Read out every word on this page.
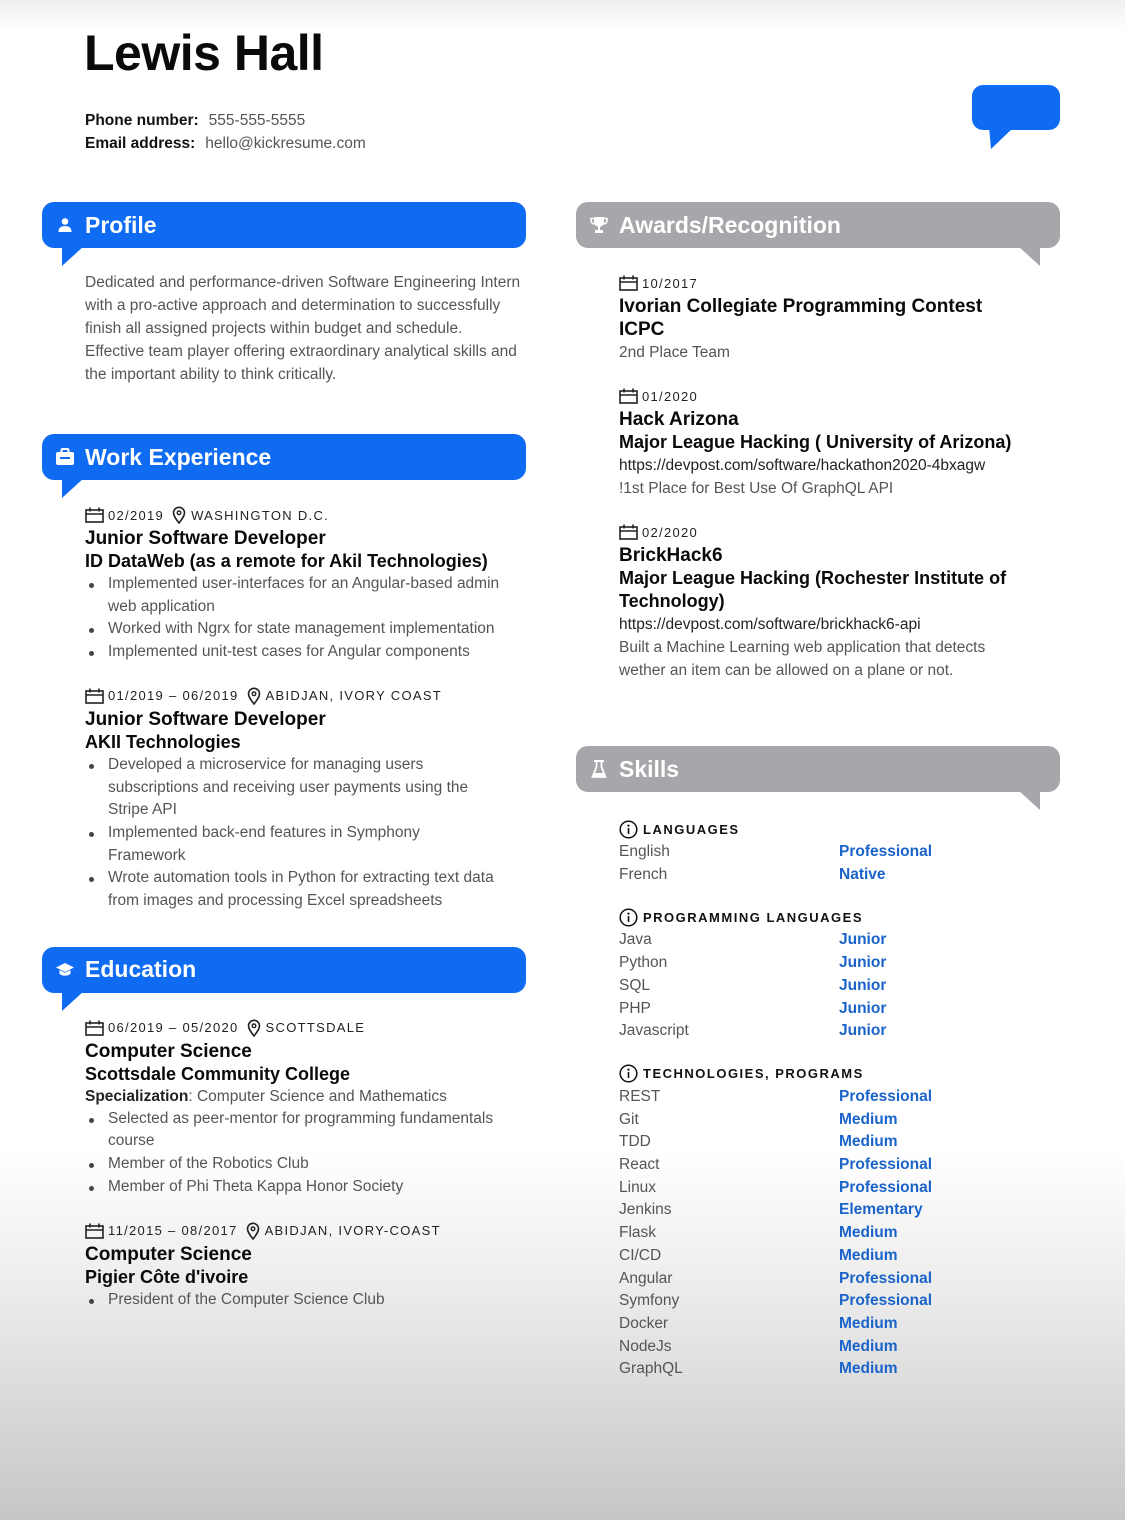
Lewis Hall
Phone number: 555-555-5555
Email address: hello@kickresume.com
Profile

Dedicated and performance-driven Software Engineering Intern with a pro-active approach and determination to successfully finish all assigned projects within budget and schedule. Effective team player offering extraordinary analytical skills and the important ability to think critically.

Work Experience
02/2019 WASHINGTON D.C.
Junior Software Developer
ID DataWeb (as a remote for Akil Technologies)
Implemented user-interfaces for an Angular-based admin web application
Worked with Ngrx for state management implementation
Implemented unit-test cases for Angular components
01/2019 – 06/2019 ABIDJAN, IVORY COAST
Junior Software Developer
AKII Technologies
Developed a microservice for managing users subscriptions and receiving user payments using the Stripe API
Implemented back-end features in Symphony Framework
Wrote automation tools in Python for extracting text data from images and processing Excel spreadsheets
Education
06/2019 – 05/2020 SCOTTSDALE
Computer Science
Scottsdale Community College
Specialization: Computer Science and Mathematics
Selected as peer-mentor for programming fundamentals course
Member of the Robotics Club
Member of Phi Theta Kappa Honor Society
11/2015 – 08/2017 ABIDJAN, IVORY-COAST
Computer Science
Pigier Côte d'ivoire
President of the Computer Science Club
Awards/Recognition
10/2017
Ivorian Collegiate Programming Contest ICPC
2nd Place Team
01/2020
Hack Arizona
Major League Hacking ( University of Arizona)
https://devpost.com/software/hackathon2020-4bxagw
!1st Place for Best Use Of GraphQL API
02/2020
BrickHack6
Major League Hacking (Rochester Institute of Technology)
https://devpost.com/software/brickhack6-api
Built a Machine Learning web application that detects wether an item can be allowed on a plane or not.
Skills
LANGUAGES
English	Professional
French	Native
PROGRAMMING LANGUAGES
Java	Junior
Python	Junior
SQL	Junior
PHP	Junior
Javascript	Junior
TECHNOLOGIES, PROGRAMS
REST	Professional
Git	Medium
TDD	Medium
React	Professional
Linux	Professional
Jenkins	Elementary
Flask	Medium
CI/CD	Medium
Angular	Professional
Symfony	Professional
Docker	Medium
NodeJs	Medium
GraphQL	Medium
